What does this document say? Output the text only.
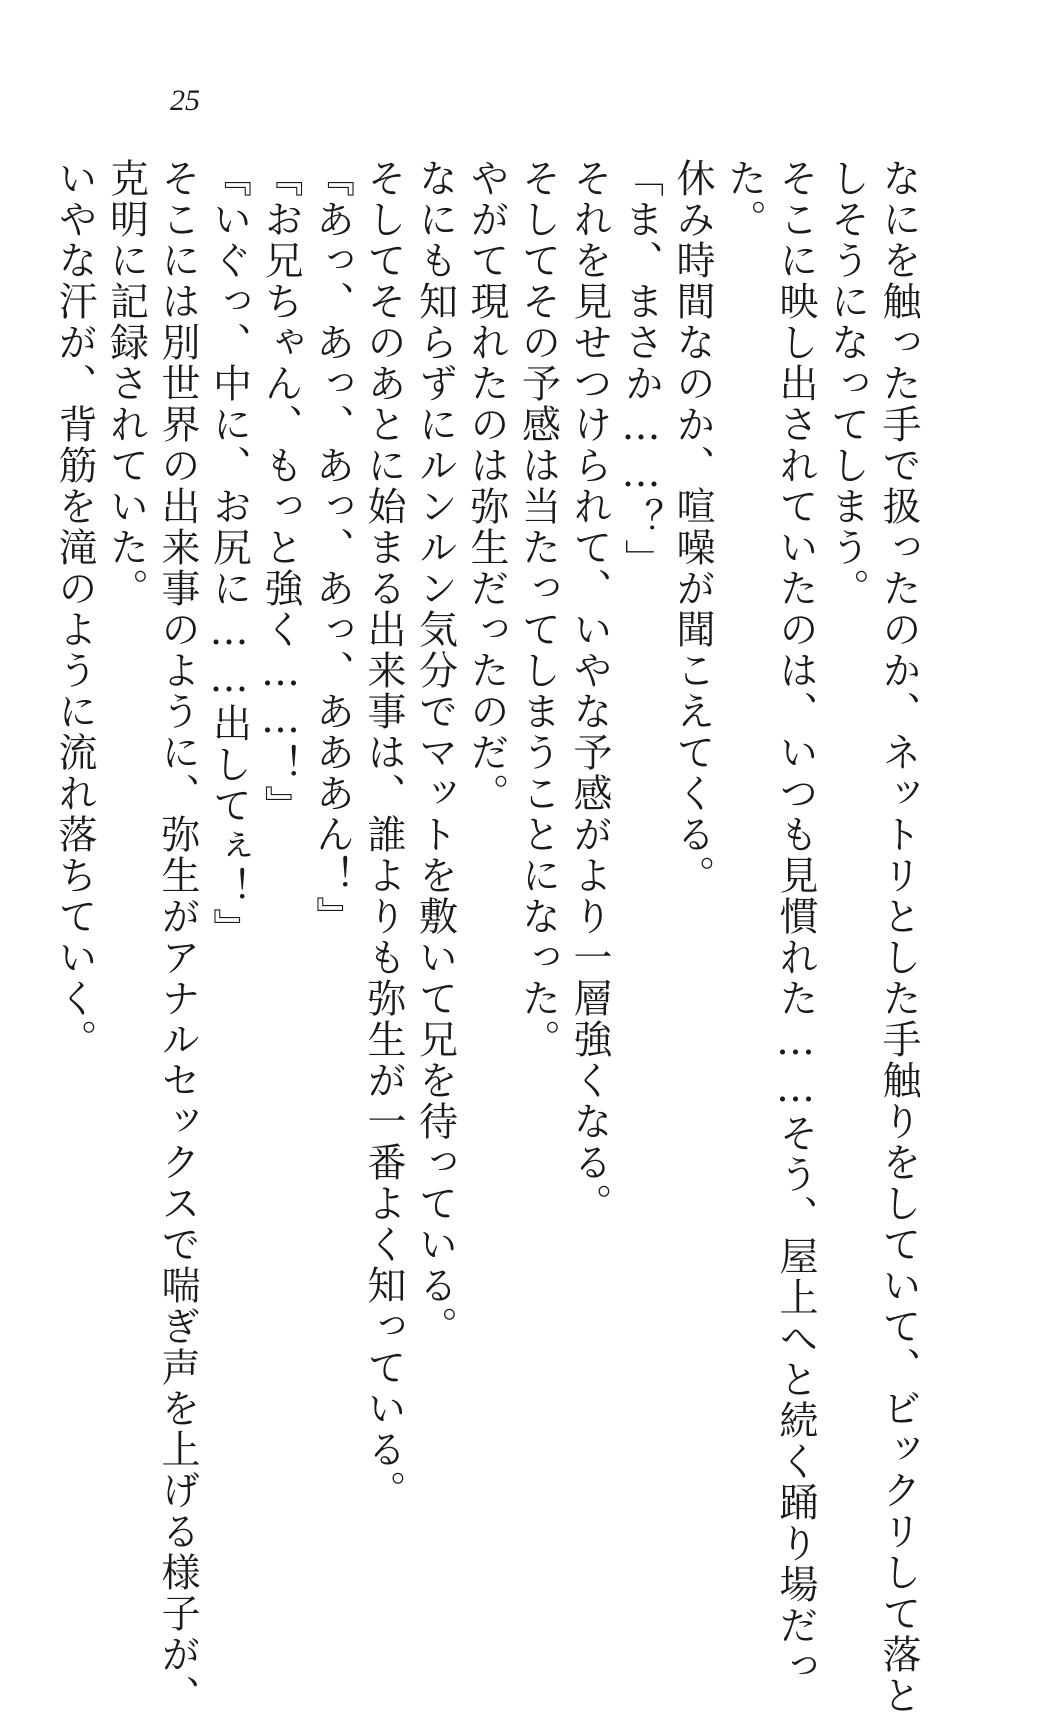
25
なにを触った手で扱ったのか、ネットリとした手触りをしていて、ビックリして落と
しそうになってしまう。
そこに映し出されていたのは、いつも見慣れた……そう、屋上へと続く踊り場だっ
た。
休み時間なのか、喧噪が聞こえてくる。
「ま、まさか……？」
それを見せつけられて、いやな予感がより一層強くなる。
そしてその予感は当たってしまうことになった。
やがて現れたのは弥生だったのだ。
なにも知らずにルンルン気分でマットを敷いて兄を待っている。
そしてそのあとに始まる出来事は、誰よりも弥生が一番よく知っている。
『あっ、あっ、あっ、あっ、あああん！』
『お兄ちゃん、もっと強く……！』
『いぐっ、中に、お尻に……出してぇ！』
そこには別世界の出来事のように、弥生がアナルセックスで喘ぎ声を上げる様子が、
克明に記録されていた。
いやな汗が、背筋を滝のように流れ落ちていく。
